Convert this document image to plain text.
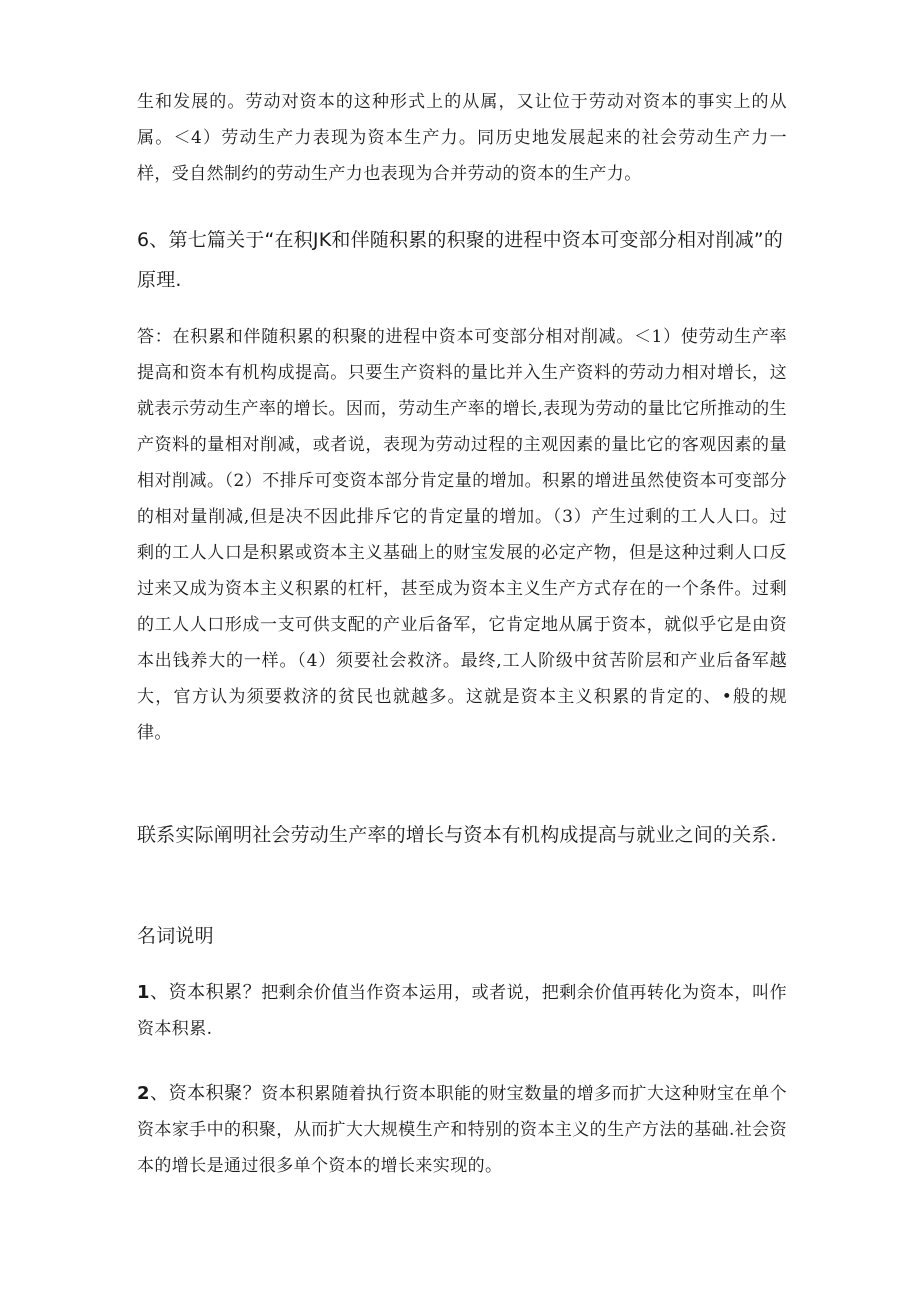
生和发展的。劳动对资本的这种形式上的从属，又让位于劳动对资本的事实上的从属。＜4）劳动生产力表现为资本生产力。同历史地发展起来的社会劳动生产力一样，受自然制约的劳动生产力也表现为合并劳动的资本的生产力。

6、第七篇关于“在积JK和伴随积累的积聚的进程中资本可变部分相对削减”的原理.

答：在积累和伴随积累的积聚的进程中资本可变部分相对削减。＜1）使劳动生产率提高和资本有机构成提高。只要生产资料的量比并入生产资料的劳动力相对增长，这就表示劳动生产率的增长。因而，劳动生产率的增长,表现为劳动的量比它所推动的生产资料的量相对削减，或者说，表现为劳动过程的主观因素的量比它的客观因素的量相对削减。（2）不排斥可变资本部分肯定量的增加。积累的增进虽然使资本可变部分的相对量削减,但是决不因此排斥它的肯定量的增加。（3）产生过剩的工人人口。过剩的工人人口是积累或资本主义基础上的财宝发展的必定产物，但是这种过剩人口反过来又成为资本主义积累的杠杆，甚至成为资本主义生产方式存在的一个条件。过剩的工人人口形成一支可供支配的产业后备军，它肯定地从属于资本，就似乎它是由资本出钱养大的一样。（4）须要社会救济。最终,工人阶级中贫苦阶层和产业后备军越大，官方认为须要救济的贫民也就越多。这就是资本主义积累的肯定的、•般的规律。

联系实际阐明社会劳动生产率的增长与资本有机构成提高与就业之间的关系.

名词说明

1、资本积累？把剩余价值当作资本运用，或者说，把剩余价值再转化为资本，叫作资本积累.

2、资本积聚？资本积累随着执行资本职能的财宝数量的增多而扩大这种财宝在单个资本家手中的积聚，从而扩大大规模生产和特别的资本主义的生产方法的基础.社会资本的增长是通过很多单个资本的增长来实现的。
